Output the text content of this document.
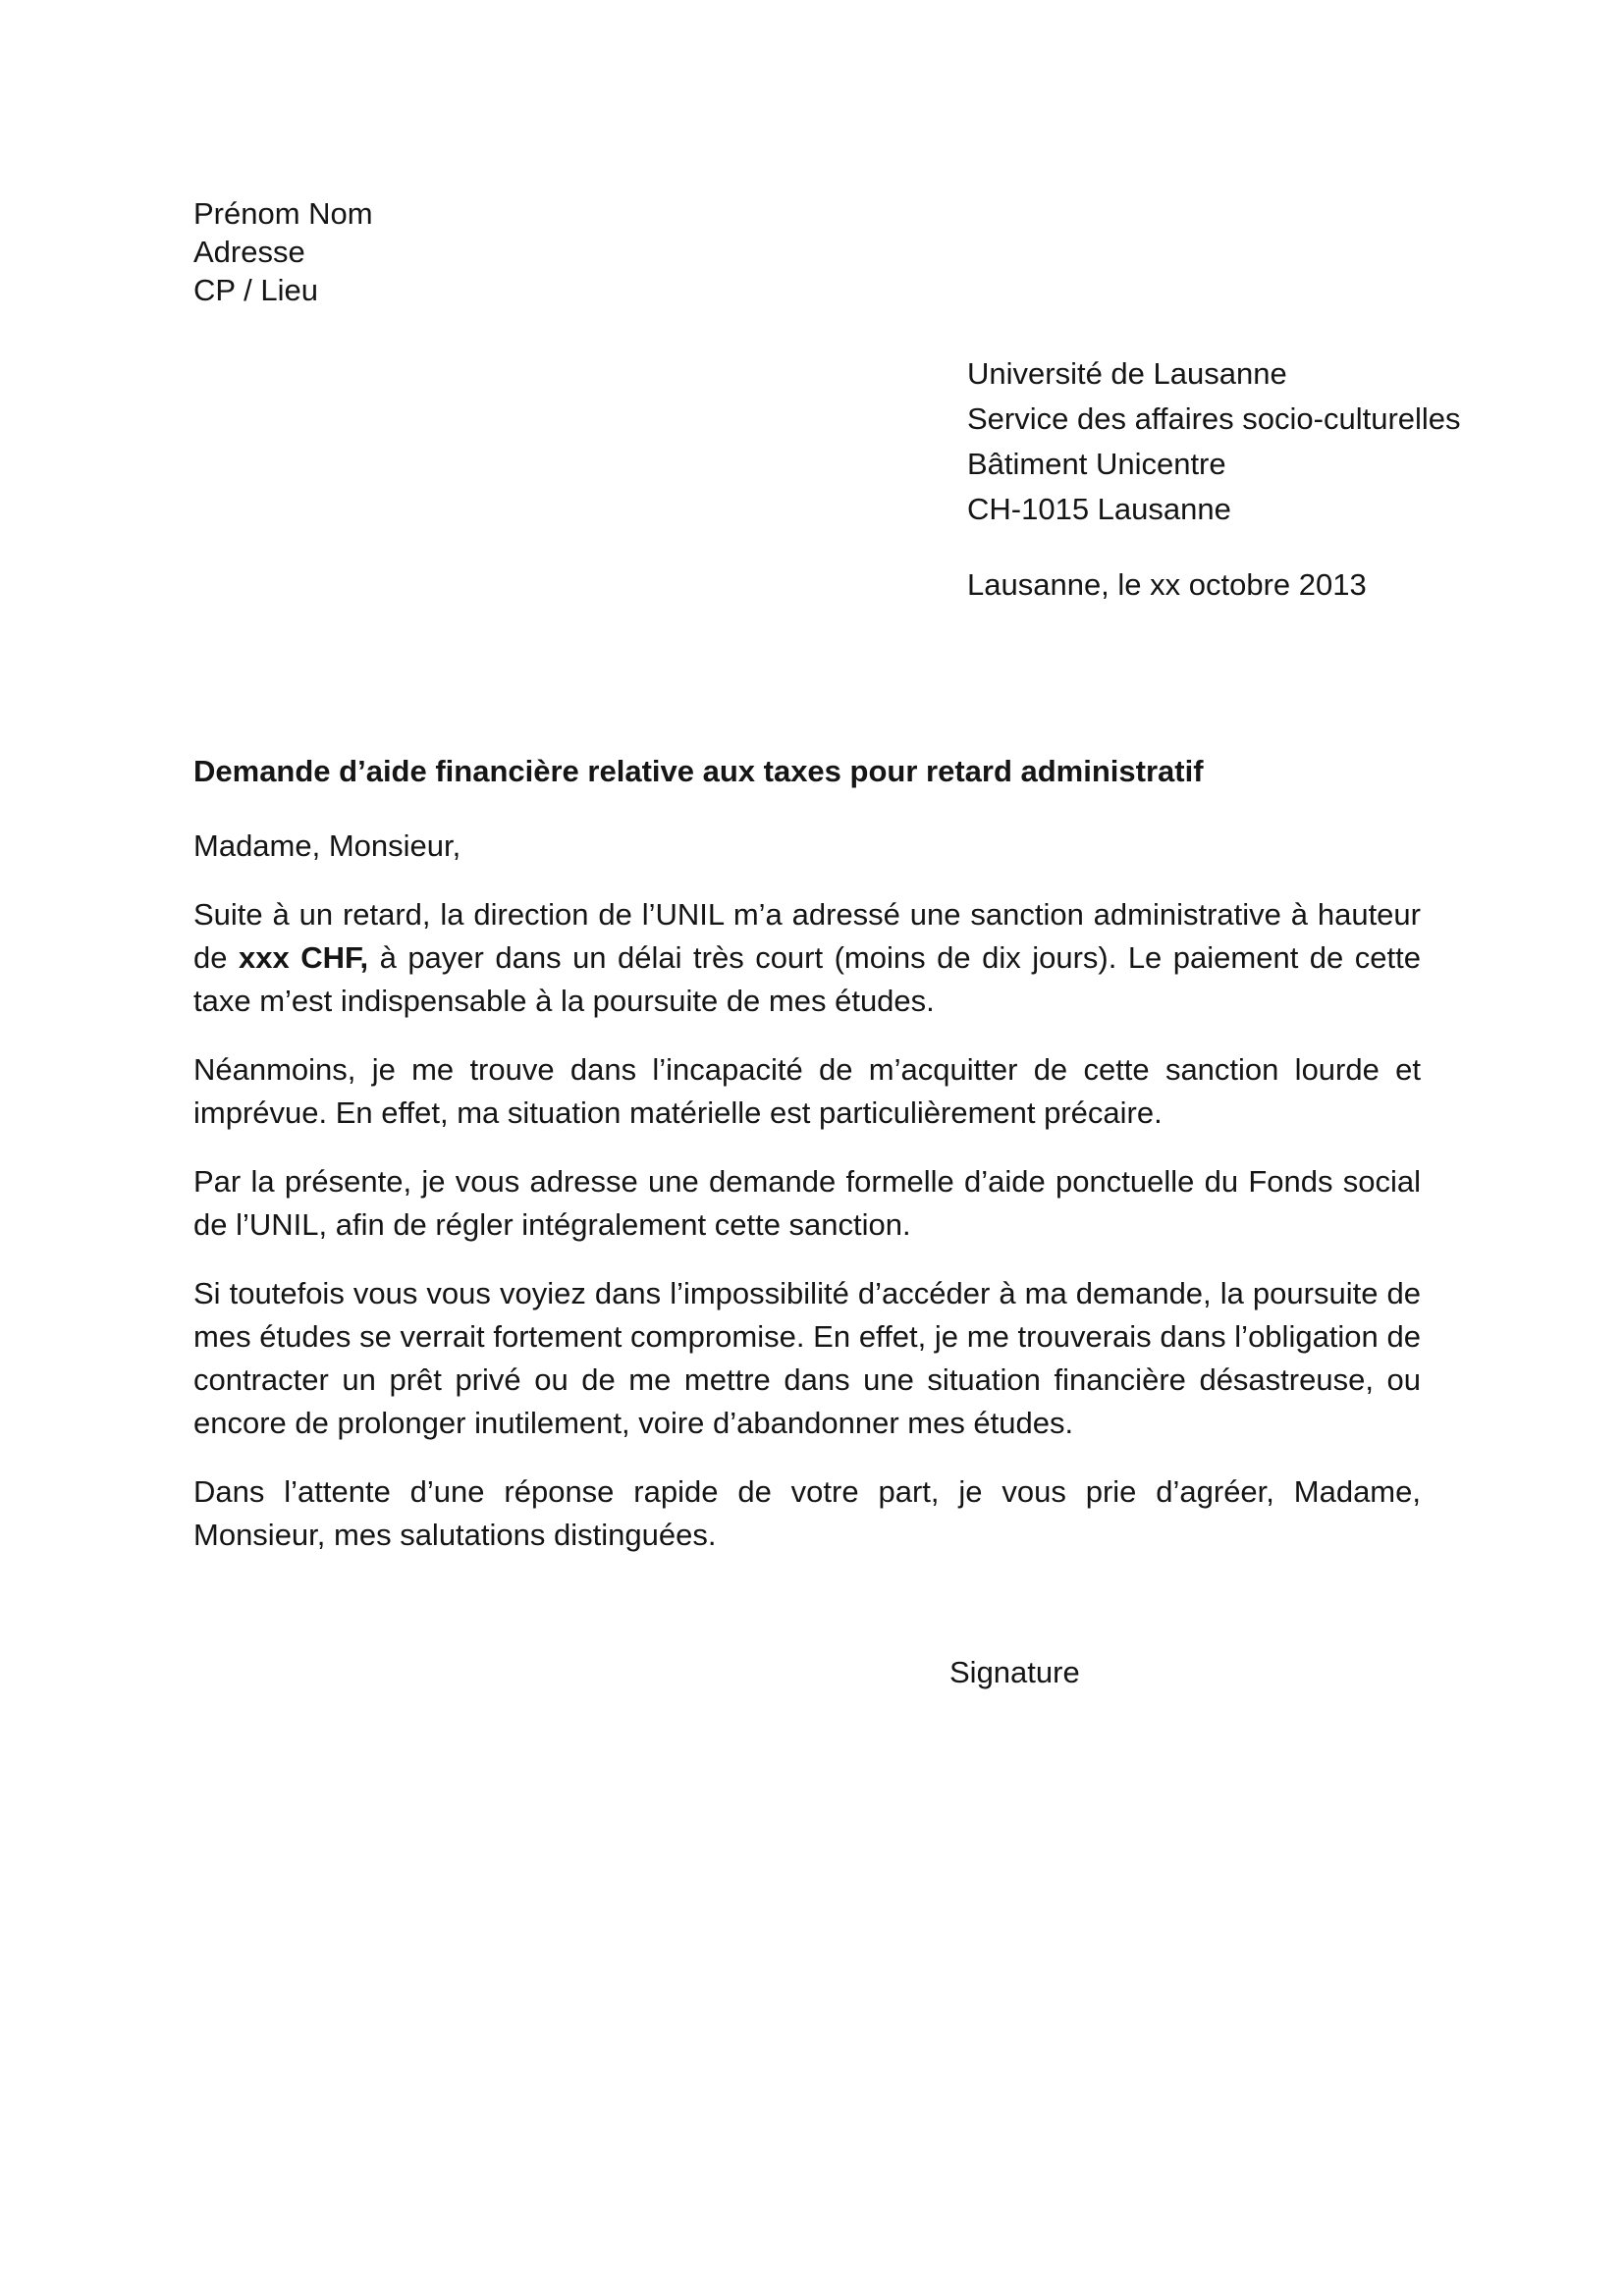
Prénom Nom
Adresse
CP / Lieu
Université de Lausanne
Service des affaires socio-culturelles
Bâtiment Unicentre
CH-1015 Lausanne
Lausanne, le xx octobre 2013

Demande d’aide financière relative aux taxes pour retard administratif

Madame, Monsieur,

Suite à un retard, la direction de l’UNIL m’a adressé une sanction administrative à hauteur de xxx CHF, à payer dans un délai très court (moins de dix jours). Le paiement de cette taxe m’est indispensable à la poursuite de mes études.

Néanmoins, je me trouve dans l’incapacité de m’acquitter de cette sanction lourde et imprévue. En effet, ma situation matérielle est particulièrement précaire.

Par la présente, je vous adresse une demande formelle d’aide ponctuelle du Fonds social de l’UNIL, afin de régler intégralement cette sanction.

Si toutefois vous vous voyiez dans l’impossibilité d’accéder à ma demande, la poursuite de mes études se verrait fortement compromise. En effet, je me trouverais dans l’obligation de contracter un prêt privé ou de me mettre dans une situation financière désastreuse, ou encore de prolonger inutilement, voire d’abandonner mes études.

Dans l’attente d’une réponse rapide de votre part, je vous prie d’agréer, Madame, Monsieur, mes salutations distinguées.

Signature
